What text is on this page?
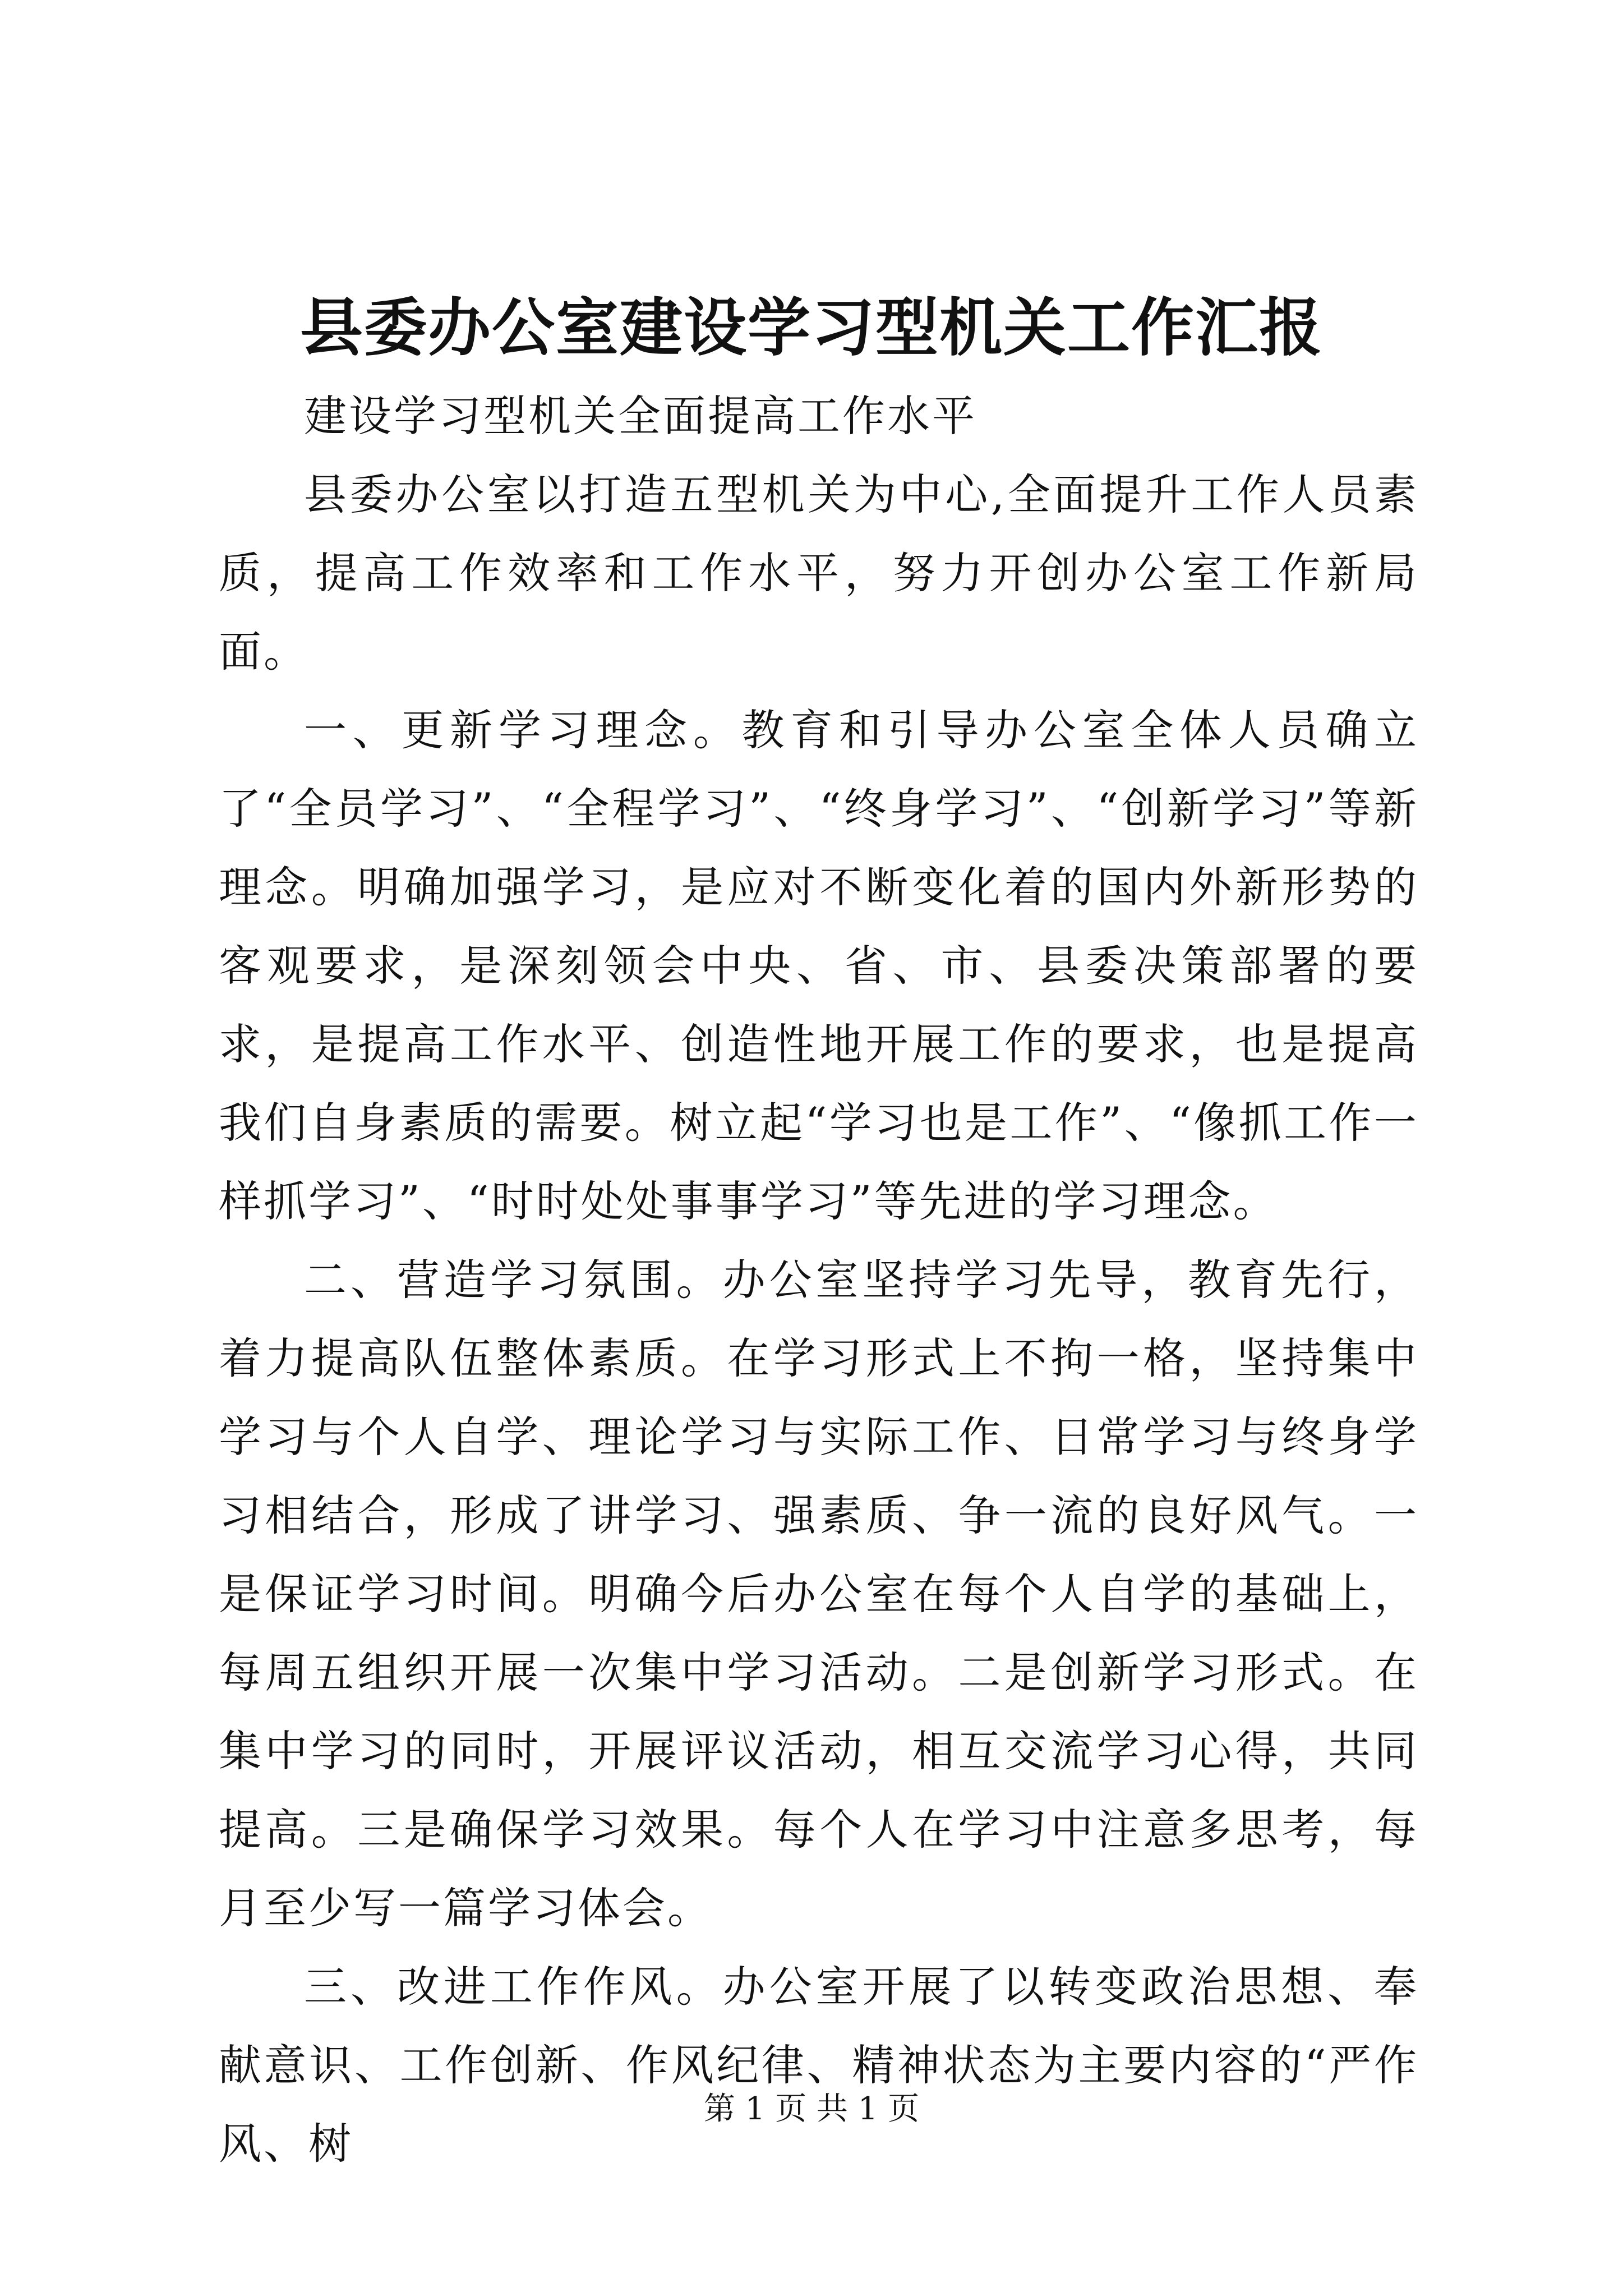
县委办公室建设学习型机关工作汇报

建设学习型机关全面提高工作水平

县委办公室以打造五型机关为中心,全面提升工作人员素质，提高工作效率和工作水平，努力开创办公室工作新局面。

一、更新学习理念。教育和引导办公室全体人员确立了“全员学习”、“全程学习”、“终身学习”、“创新学习”等新理念。明确加强学习，是应对不断变化着的国内外新形势的客观要求，是深刻领会中央、省、市、县委决策部署的要求，是提高工作水平、创造性地开展工作的要求，也是提高我们自身素质的需要。树立起“学习也是工作”、“像抓工作一样抓学习”、“时时处处事事学习”等先进的学习理念。

二、营造学习氛围。办公室坚持学习先导，教育先行，着力提高队伍整体素质。在学习形式上不拘一格，坚持集中学习与个人自学、理论学习与实际工作、日常学习与终身学习相结合，形成了讲学习、强素质、争一流的良好风气。一是保证学习时间。明确今后办公室在每个人自学的基础上，每周五组织开展一次集中学习活动。二是创新学习形式。在集中学习的同时，开展评议活动，相互交流学习心得，共同提高。三是确保学习效果。每个人在学习中注意多思考，每月至少写一篇学习体会。

三、改进工作作风。办公室开展了以转变政治思想、奉献意识、工作创新、作风纪律、精神状态为主要内容的“严作风、树

第 1 页 共 1 页
